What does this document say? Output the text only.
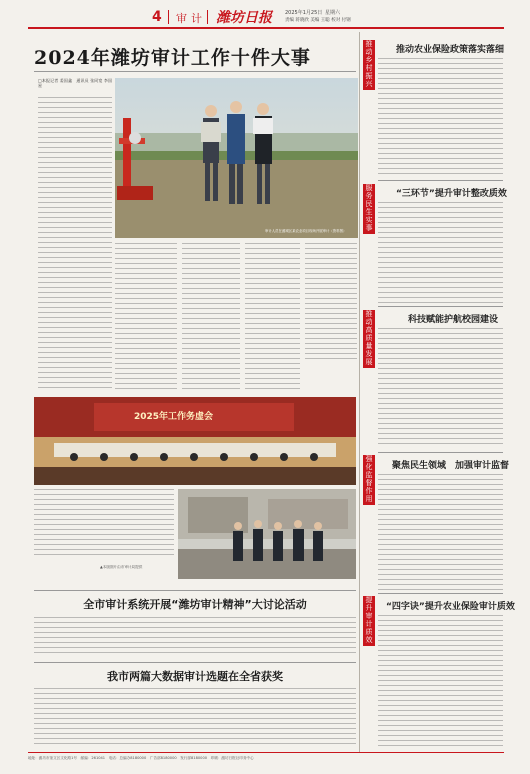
4 审计 潍坊日报	2025年1月25日 星期六
责编 蒋晓欣 美编 王聪 校对 付钢
2024年潍坊审计工作十件大事
□本报记者 姜国鑫　通讯员 张同宽 李国星
审计人员在潍城区某农业项目现场开展审计（资料图）
2025年工作务虚会
▲本版图片由市审计局提供
全市审计系统开展“潍坊审计精神”大讨论活动
我市两篇大数据审计选题在全省获奖
推动乡村振兴
服务民生实事
推动高质量发展
强化监督作用
提升审计质效
推动农业保险政策落实落细
“三环节”提升审计整改质效
科技赋能护航校园建设
聚焦民生领域　加强审计监督
“四字诀”提升农业保险审计质效
地址：潍坊市奎文区文化路1号　邮编：261041　电话：总编办8180000　广告部8180000　发行部8180000　印刷：潍坊日报社印务中心
